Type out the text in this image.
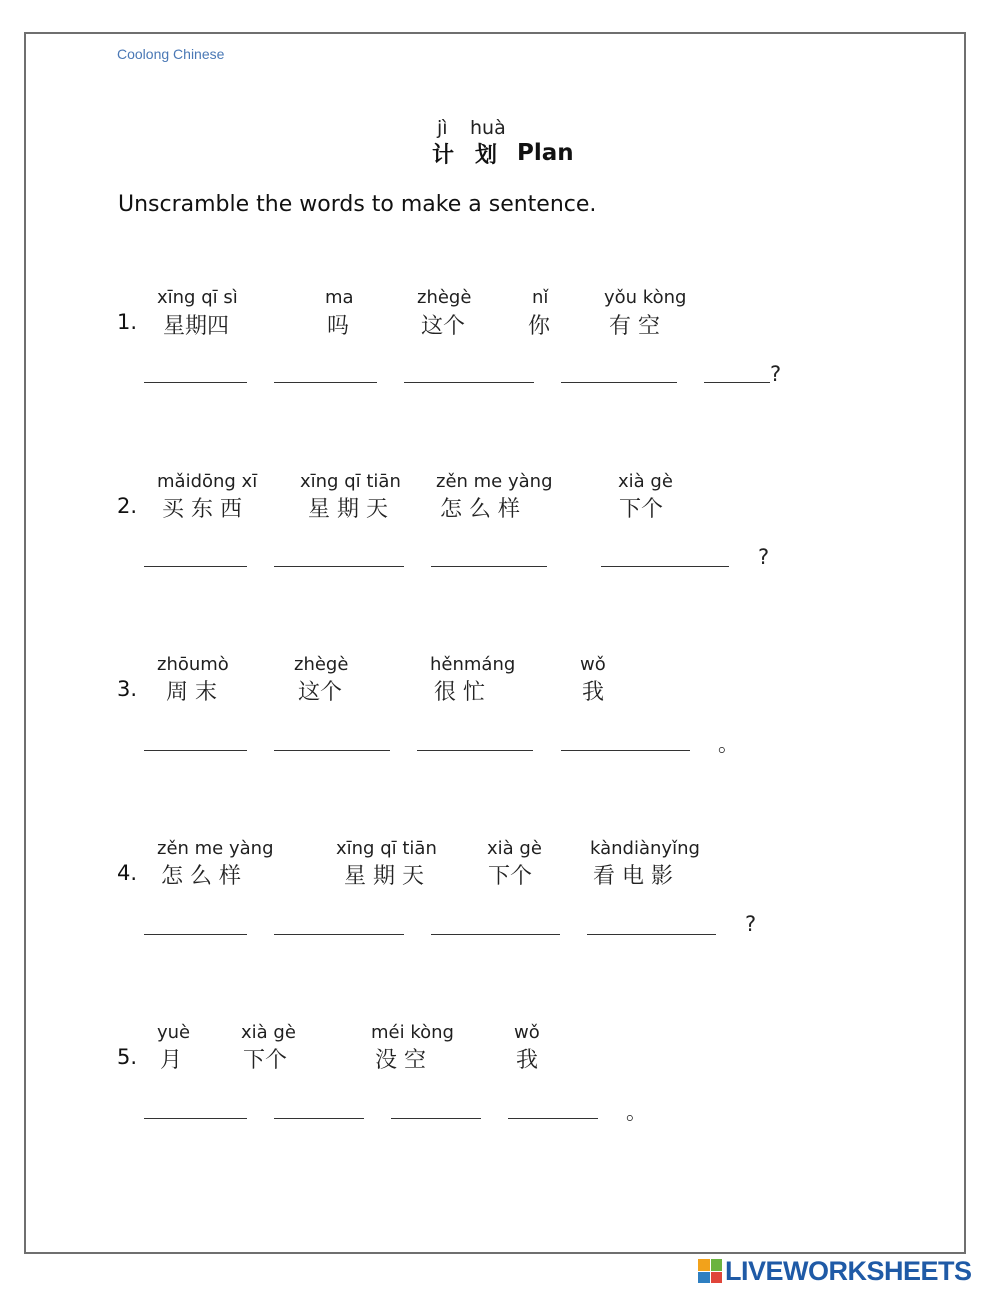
Coolong Chinese
jì huà
计 划 Plan
Unscramble the words to make a sentence.
1.
xīng qī sì
星期四
ma
吗
zhègè
这个
nǐ
你
yǒu kòng
有 空
?
2.
mǎidōng xī
买 东 西
xīng qī tiān
星 期 天
zěn me yàng
怎 么 样
xià gè
下个
?
3.
zhōumò
周 末
zhègè
这个
hěnmáng
很 忙
wǒ
我
。
4.
zěn me yàng
怎 么 样
xīng qī tiān
星 期 天
xià gè
下个
kàndiànyǐng
看 电 影
?
5.
yuè
月
xià gè
下个
méi kòng
没 空
wǒ
我
。
LIVEWORKSHEETS
